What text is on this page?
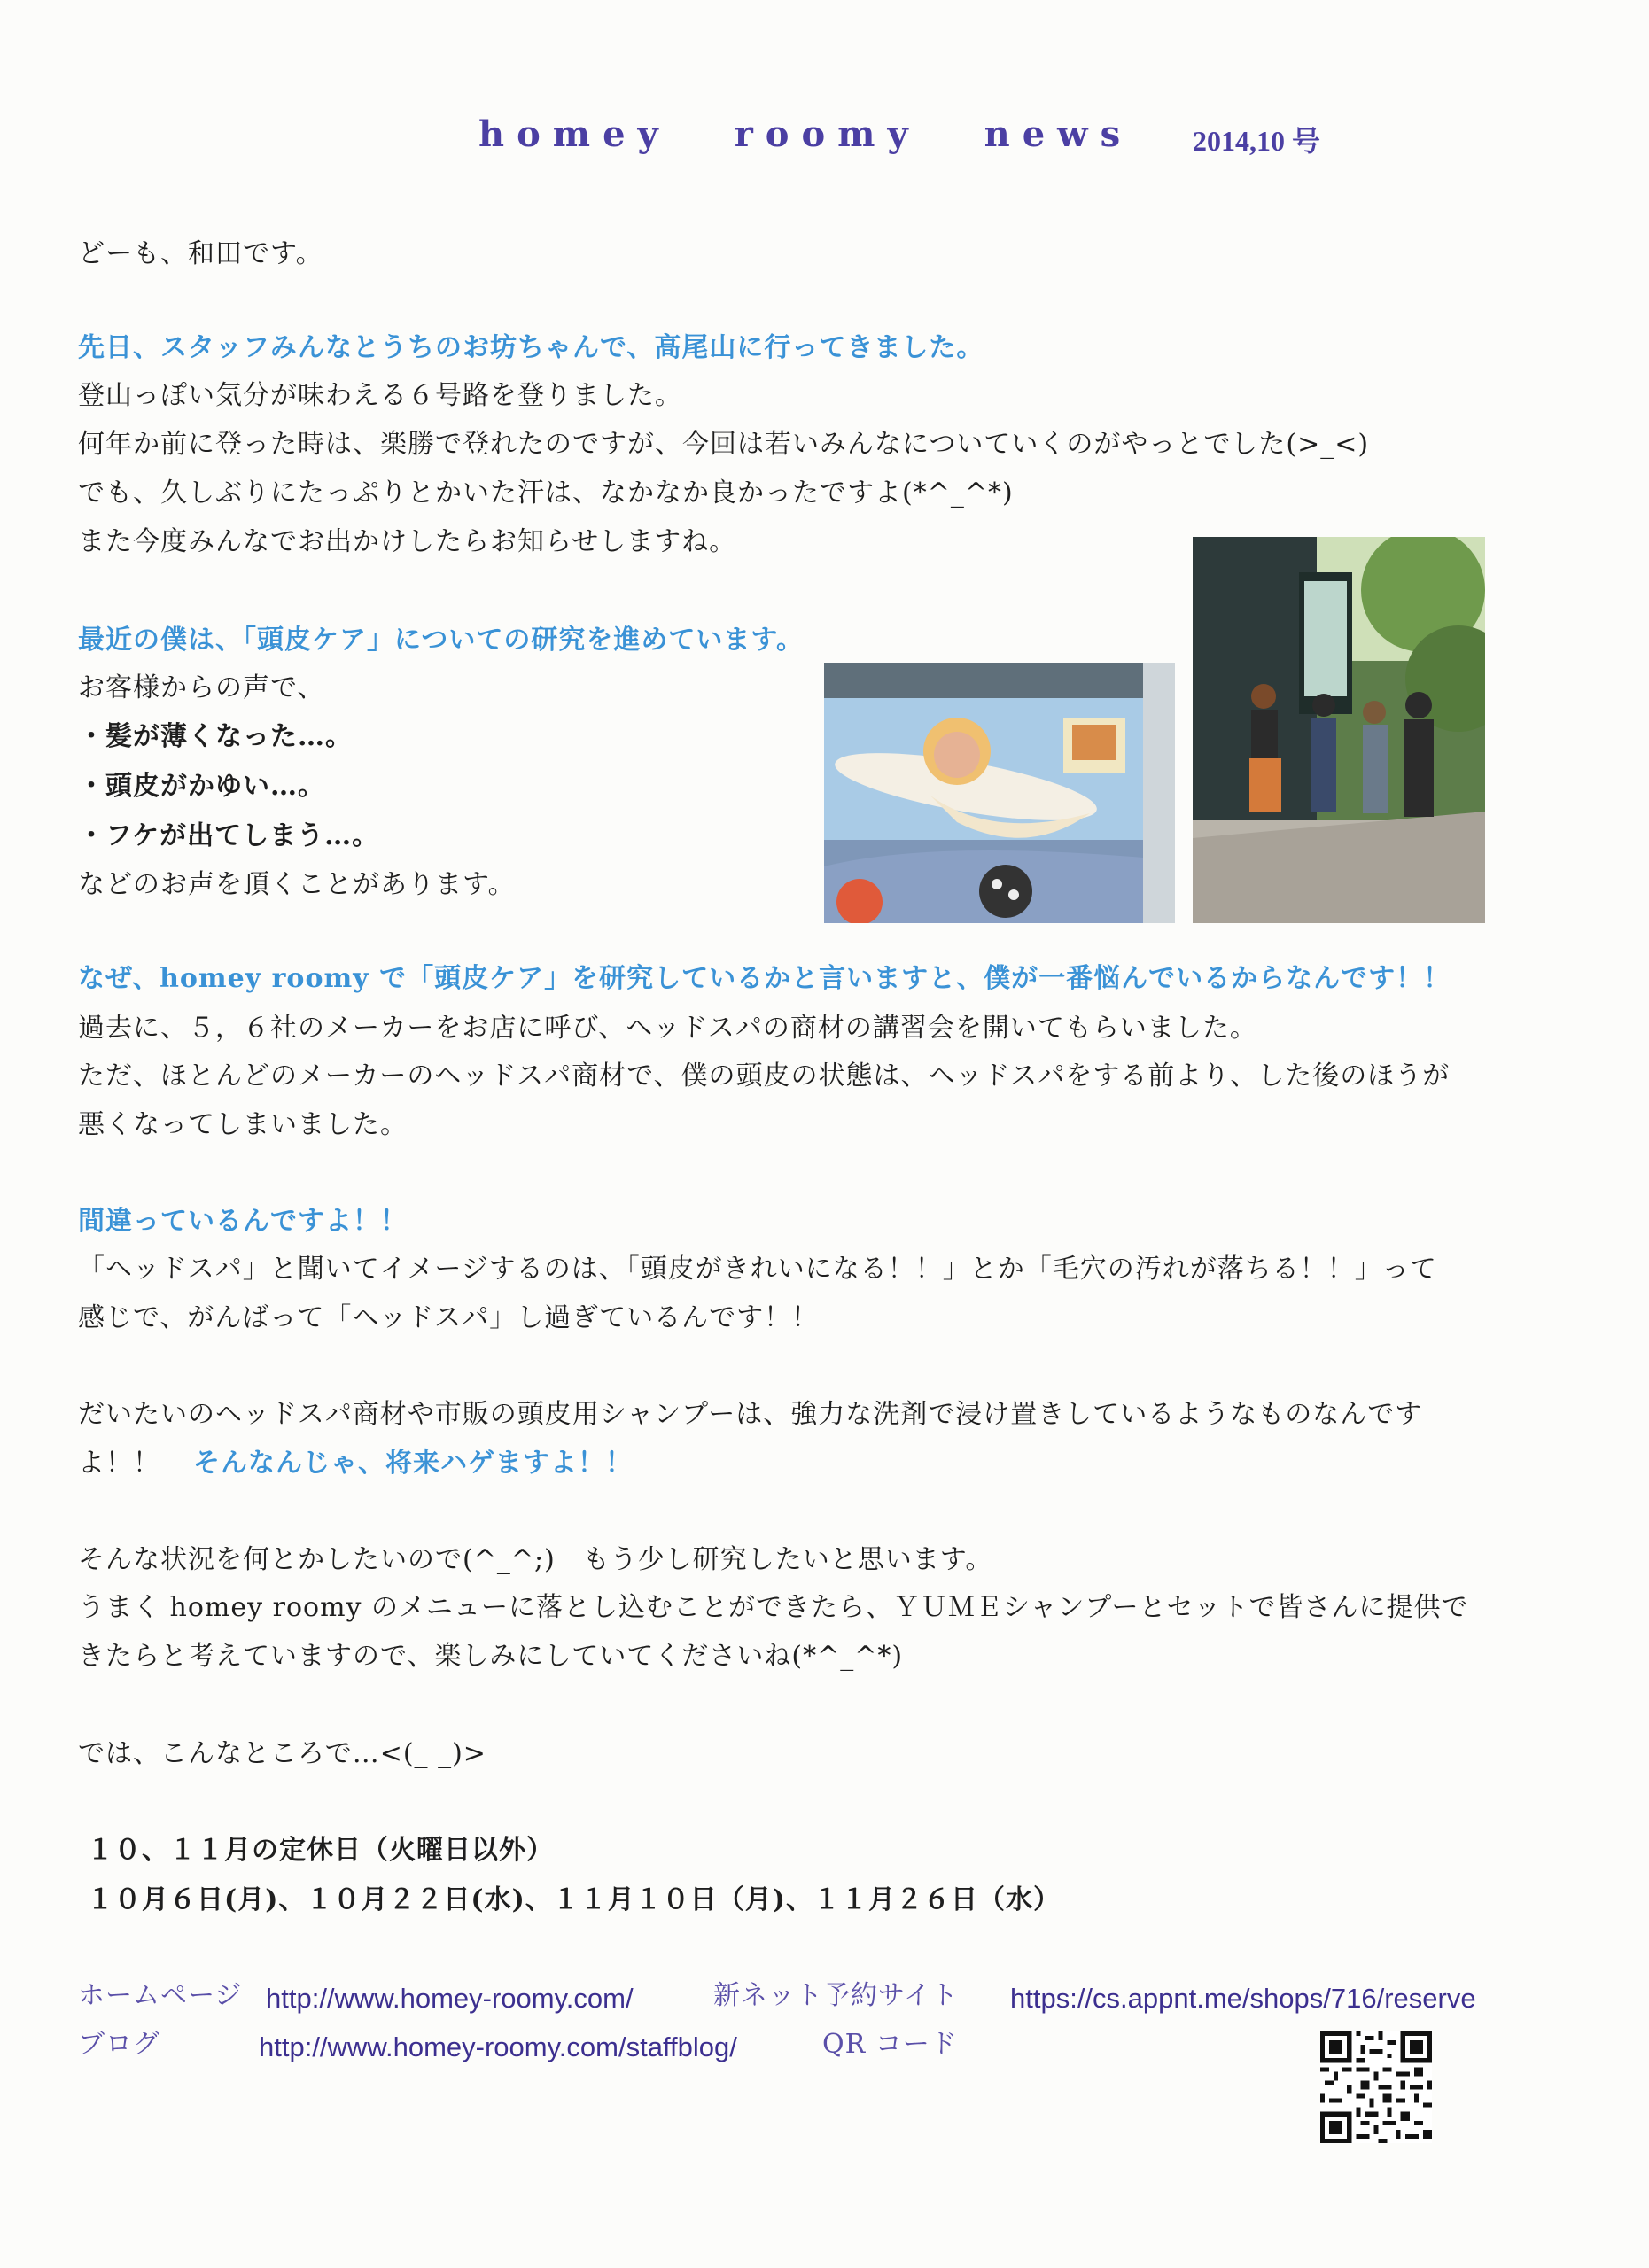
homey roomy news 2014,10 号
どーも、和田です。
先日、スタッフみんなとうちのお坊ちゃんで、高尾山に行ってきました。
登山っぽい気分が味わえる６号路を登りました。
何年か前に登った時は、楽勝で登れたのですが、今回は若いみんなについていくのがやっとでした(>_<)
でも、久しぶりにたっぷりとかいた汗は、なかなか良かったですよ(*^_^*)
また今度みんなでお出かけしたらお知らせしますね。
最近の僕は、「頭皮ケア」についての研究を進めています。
お客様からの声で、
・髪が薄くなった…。
・頭皮がかゆい…。
・フケが出てしまう…。
などのお声を頂くことがあります。
なぜ、homey roomy で「頭皮ケア」を研究しているかと言いますと、僕が一番悩んでいるからなんです！！
過去に、５，６社のメーカーをお店に呼び、ヘッドスパの商材の講習会を開いてもらいました。
ただ、ほとんどのメーカーのヘッドスパ商材で、僕の頭皮の状態は、ヘッドスパをする前より、した後のほうが
悪くなってしまいました。
間違っているんですよ！！
「ヘッドスパ」と聞いてイメージするのは、「頭皮がきれいになる！！」とか「毛穴の汚れが落ちる！！」って
感じで、がんばって「ヘッドスパ」し過ぎているんです！！
だいたいのヘッドスパ商材や市販の頭皮用シャンプーは、強力な洗剤で浸け置きしているようなものなんです
よ！！ そんなんじゃ、将来ハゲますよ！！
そんな状況を何とかしたいので(^_^;)　もう少し研究したいと思います。
うまく homey roomy のメニューに落とし込むことができたら、ＹＵＭＥシャンプーとセットで皆さんに提供で
きたらと考えていますので、楽しみにしていてくださいね(*^_^*)
では、こんなところで…<(_ _)>
１０、１１月の定休日（火曜日以外）
１０月６日(月)、１０月２２日(水)、１１月１０日（月)、１１月２６日（水）
ホームページ http://www.homey-roomy.com/	新ネット予約サイト https://cs.appnt.me/shops/716/reserve
ブログ	http://www.homey-roomy.com/staffblog/	QR コード
